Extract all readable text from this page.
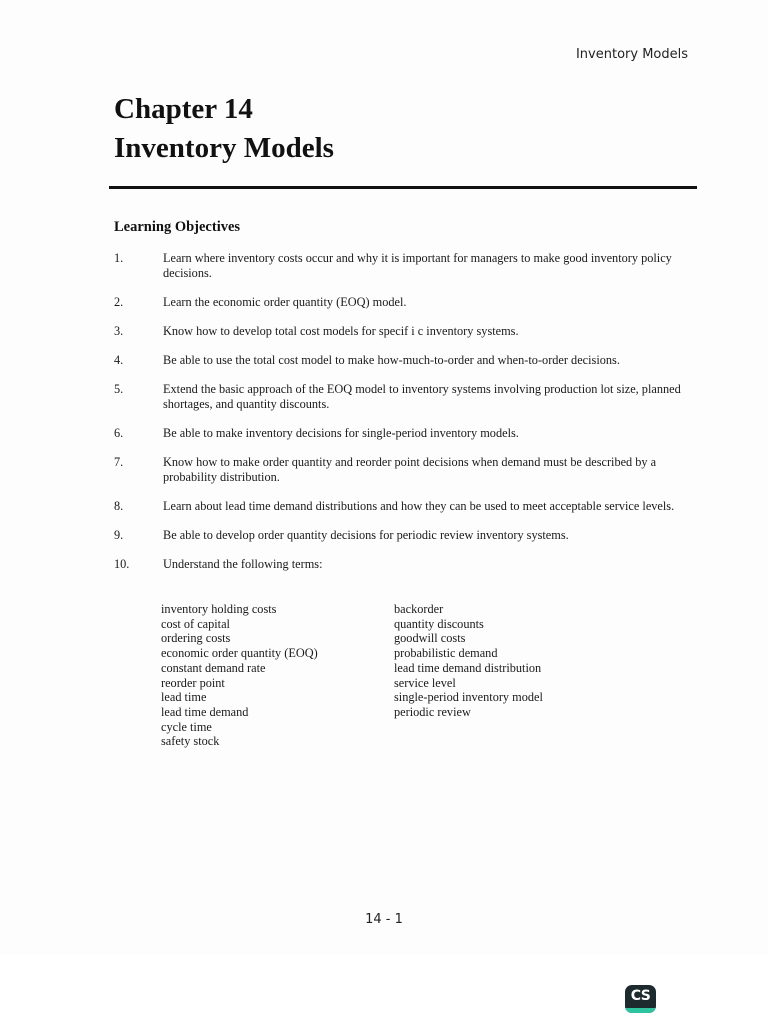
Inventory Models
Chapter 14
Inventory Models
Learning Objectives
1.	Learn where inventory costs occur and why it is important for managers to make good inventory policy decisions.
2.	Learn the economic order quantity (EOQ) model.
3.	Know how to develop total cost models for specif i c inventory systems.
4.	Be able to use the total cost model to make how-much-to-order and when-to-order decisions.
5.	Extend the basic approach of the EOQ model to inventory systems involving production lot size, planned shortages, and quantity discounts.
6.	Be able to make inventory decisions for single-period inventory models.
7.	Know how to make order quantity and reorder point decisions when demand must be described by a probability distribution.
8.	Learn about lead time demand distributions and how they can be used to meet acceptable service levels.
9.	Be able to develop order quantity decisions for periodic review inventory systems.
10.	Understand the following terms:
inventory holding costs
cost of capital
ordering costs
economic order quantity (EOQ)
constant demand rate
reorder point
lead time
lead time demand
cycle time
safety stock
backorder
quantity discounts
goodwill costs
probabilistic demand
lead time demand distribution
service level
single-period inventory model
periodic review
14 - 1
CS
